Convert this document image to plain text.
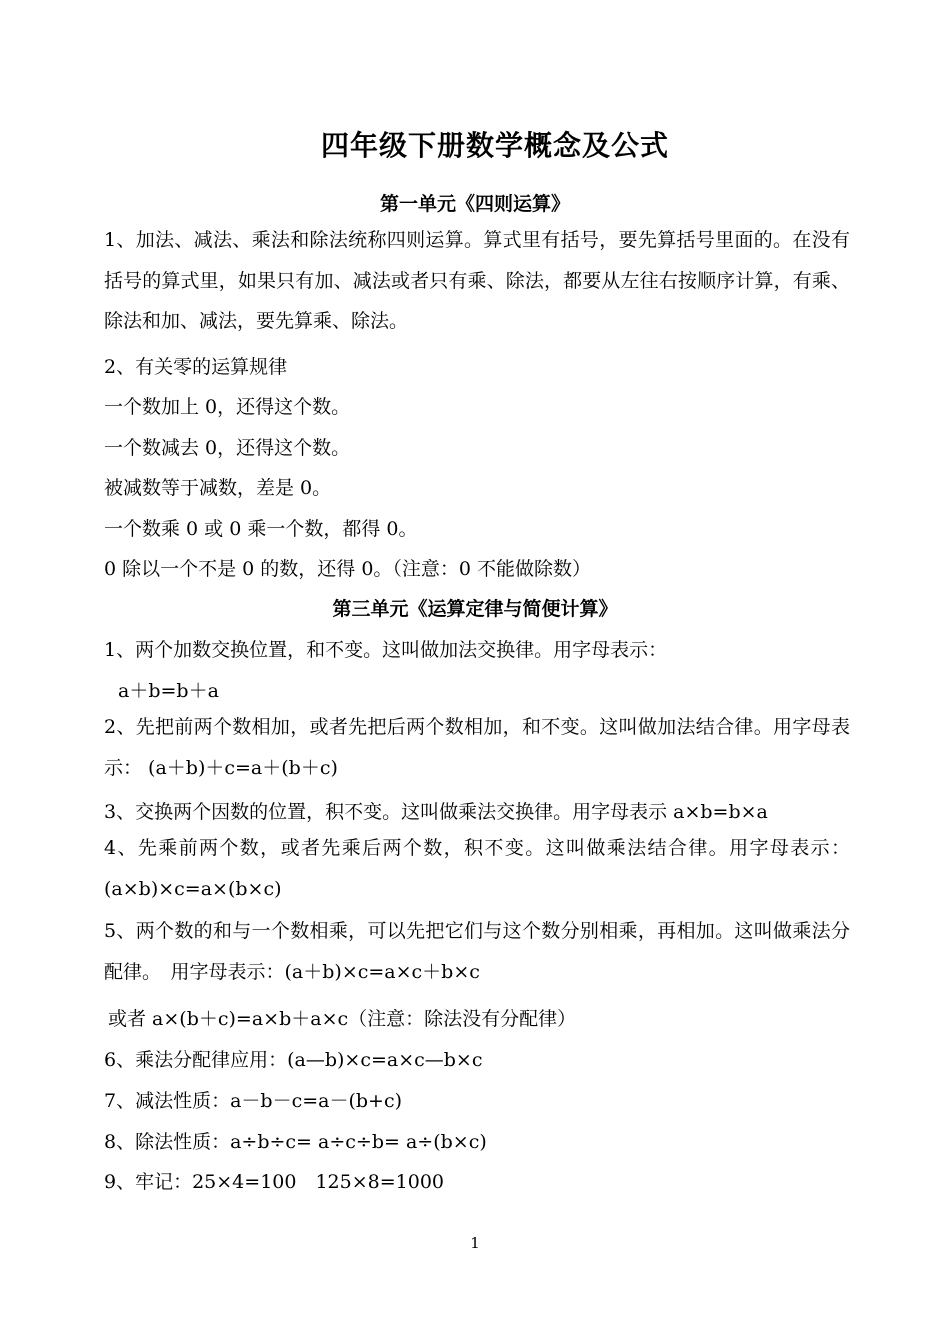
四年级下册数学概念及公式
第一单元《四则运算》
1、加法、减法、乘法和除法统称四则运算。算式里有括号，要先算括号里面的。在没有括号的算式里，如果只有加、减法或者只有乘、除法，都要从左往右按顺序计算，有乘、除法和加、减法，要先算乘、除法。
2、有关零的运算规律
一个数加上 0，还得这个数。
一个数减去 0，还得这个数。
被减数等于减数，差是 0。
一个数乘 0 或 0 乘一个数，都得 0。
0 除以一个不是 0 的数，还得 0。（注意：0 不能做除数）
第三单元《运算定律与简便计算》
1、两个加数交换位置，和不变。这叫做加法交换律。用字母表示：
a＋b=b＋a
2、先把前两个数相加，或者先把后两个数相加，和不变。这叫做加法结合律。用字母表示： (a＋b)＋c=a＋(b＋c)
3、交换两个因数的位置，积不变。这叫做乘法交换律。用字母表示 a×b=b×a
4、先乘前两个数，或者先乘后两个数，积不变。这叫做乘法结合律。用字母表示：(a×b)×c=a×(b×c)
5、两个数的和与一个数相乘，可以先把它们与这个数分别相乘，再相加。这叫做乘法分配律。　用字母表示：(a＋b)×c=a×c＋b×c
或者 a×(b＋c)=a×b＋a×c（注意：除法没有分配律）
6、乘法分配律应用：(a—b)×c=a×c—b×c
7、减法性质：a－b－c=a－(b+c)
8、除法性质：a÷b÷c= a÷c÷b= a÷(b×c)
9、牢记：25×4=100　125×8=1000
1
